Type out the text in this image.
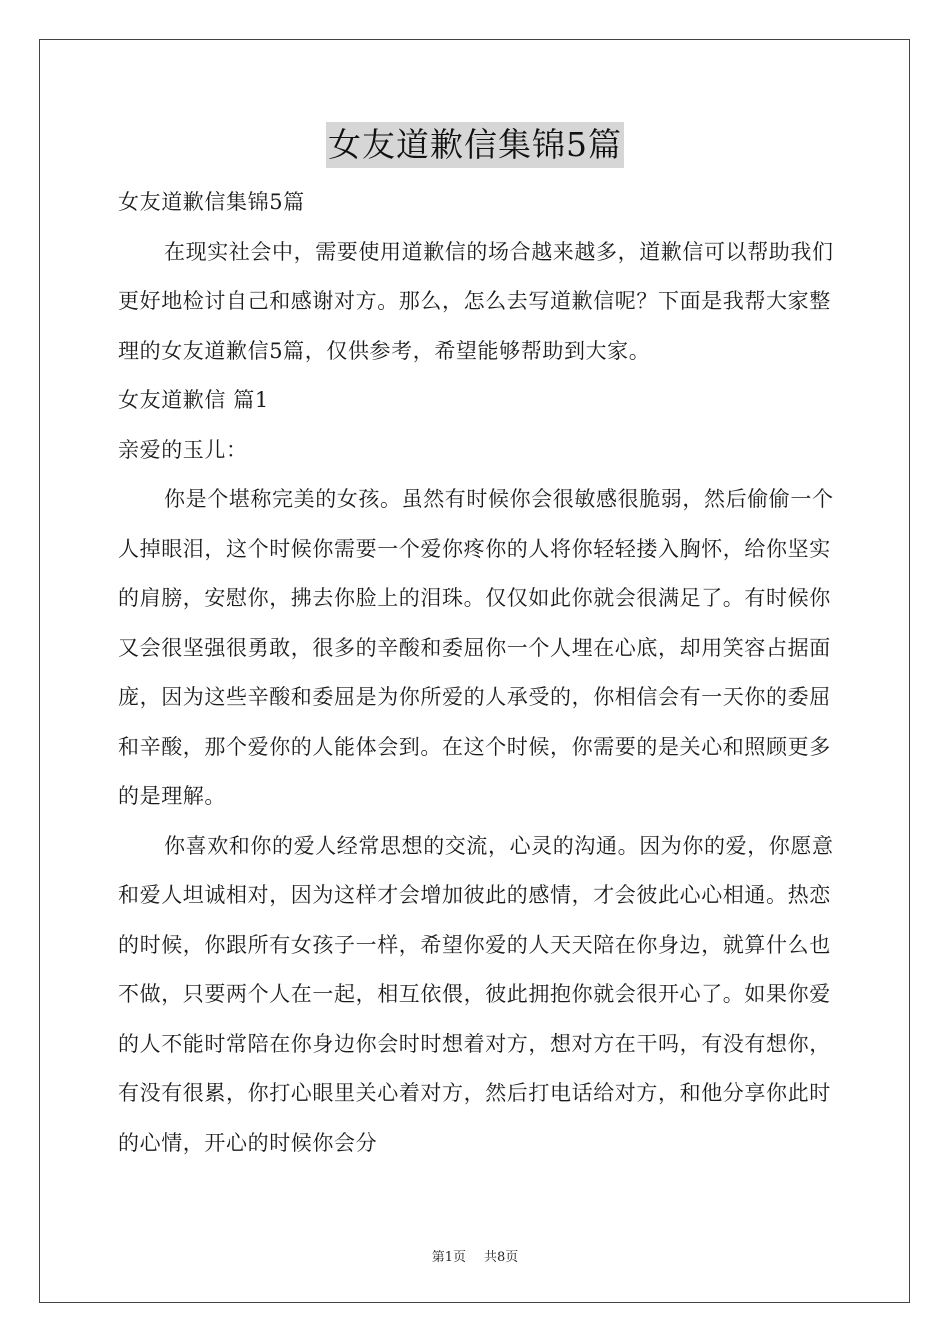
女友道歉信集锦5篇

女友道歉信集锦5篇

在现实社会中，需要使用道歉信的场合越来越多，道歉信可以帮助我们更好地检讨自己和感谢对方。那么，怎么去写道歉信呢？下面是我帮大家整理的女友道歉信5篇，仅供参考，希望能够帮助到大家。

女友道歉信 篇1

亲爱的玉儿：

你是个堪称完美的女孩。虽然有时候你会很敏感很脆弱，然后偷偷一个人掉眼泪，这个时候你需要一个爱你疼你的人将你轻轻搂入胸怀，给你坚实的肩膀，安慰你，拂去你脸上的泪珠。仅仅如此你就会很满足了。有时候你又会很坚强很勇敢，很多的辛酸和委屈你一个人埋在心底，却用笑容占据面庞，因为这些辛酸和委屈是为你所爱的人承受的，你相信会有一天你的委屈和辛酸，那个爱你的人能体会到。在这个时候，你需要的是关心和照顾更多的是理解。

你喜欢和你的爱人经常思想的交流，心灵的沟通。因为你的爱，你愿意和爱人坦诚相对，因为这样才会增加彼此的感情，才会彼此心心相通。热恋的时候，你跟所有女孩子一样，希望你爱的人天天陪在你身边，就算什么也不做，只要两个人在一起，相互依偎，彼此拥抱你就会很开心了。如果你爱的人不能时常陪在你身边你会时时想着对方，想对方在干吗，有没有想你，有没有很累，你打心眼里关心着对方，然后打电话给对方，和他分享你此时的心情，开心的时候你会分

第1页 共8页
